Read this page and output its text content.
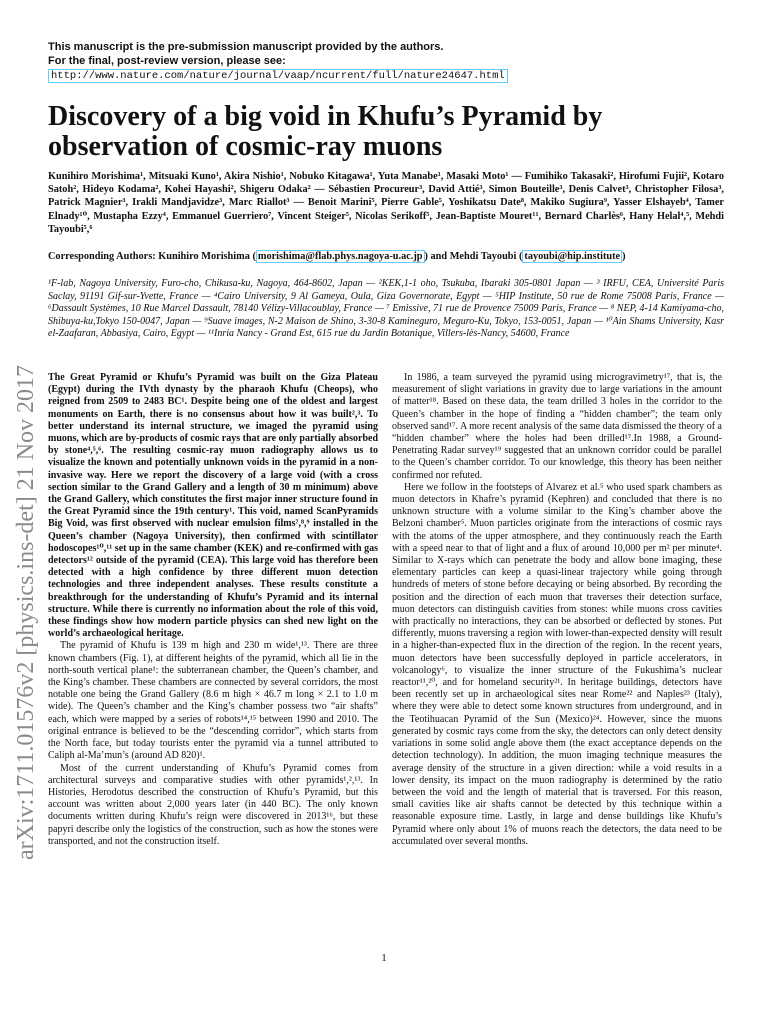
This manuscript is the pre-submission manuscript provided by the authors.
For the final, post-review version, please see:
http://www.nature.com/nature/journal/vaap/ncurrent/full/nature24647.html
Discovery of a big void in Khufu’s Pyramid by observation of cosmic-ray muons
Kunihiro Morishima¹, Mitsuaki Kuno¹, Akira Nishio¹, Nobuko Kitagawa¹, Yuta Manabe¹, Masaki Moto¹ — Fumihiko Takasaki², Hirofumi Fujii², Kotaro Satoh², Hideyo Kodama², Kohei Hayashi², Shigeru Odaka² — Sébastien Procureur³, David Attié³, Simon Bouteille³, Denis Calvet³, Christopher Filosa³, Patrick Magnier³, Irakli Mandjavidze³, Marc Riallot³ — Benoit Marini⁵, Pierre Gable⁵, Yoshikatsu Date⁸, Makiko Sugiura⁹, Yasser Elshayeb⁴, Tamer Elnady¹⁰, Mustapha Ezzy⁴, Emmanuel Guerriero⁷, Vincent Steiger⁵, Nicolas Serikoff⁵, Jean-Baptiste Mouret¹¹, Bernard Charlès⁶, Hany Helal⁴,⁵, Mehdi Tayoubi⁵,⁶
Corresponding Authors: Kunihiro Morishima ( morishima@flab.phys.nagoya-u.ac.jp ) and Mehdi Tayoubi ( tayoubi@hip.institute )
¹F-lab, Nagoya University, Furo-cho, Chikusa-ku, Nagoya, 464-8602, Japan — ²KEK,1-1 oho, Tsukuba, Ibaraki 305-0801 Japan — ³ IRFU, CEA, Université Paris Saclay, 91191 Gif-sur-Yvette, France — ⁴Cairo University, 9 Al Gameya, Oula, Giza Governorate, Egypt — ⁵HIP Institute, 50 rue de Rome 75008 Paris, France — ⁶Dassault Systèmes, 10 Rue Marcel Dassault, 78140 Vélizy-Villacoublay, France — ⁷ Emissive, 71 rue de Provence 75009 Paris, France — ⁸ NEP, 4-14 Kamiyama-cho, Shibuya-ku,Tokyo 150-0047, Japan — ⁹Suave images, N-2 Maison de Shino, 3-30-8 Kamineguro, Meguro-Ku, Tokyo, 153-0051, Japan — ¹⁰Ain Shams University, Kasr el-Zaafaran, Abbasiya, Cairo, Egypt — ¹¹Inria Nancy - Grand Est, 615 rue du Jardin Botanique, Villers-lès-Nancy, 54600, France
arXiv:1711.01576v2 [physics.ins-det] 21 Nov 2017 The Great Pyramid or Khufu’s Pyramid was built on the Giza Plateau (Egypt) during the IVth dynasty by the pharaoh Khufu (Cheops), who reigned from 2509 to 2483 BC¹. Despite being one of the oldest and largest monuments on Earth, there is no consensus about how it was built²,³. To better understand its internal structure, we imaged the pyramid using muons, which are by-products of cosmic rays that are only partially absorbed by stone⁴,⁵,⁶. The resulting cosmic-ray muon radiography allows us to visualize the known and potentially unknown voids in the pyramid in a non-invasive way. Here we report the discovery of a large void (with a cross section similar to the Grand Gallery and a length of 30 m minimum) above the Grand Gallery, which constitutes the first major inner structure found in the Great Pyramid since the 19th century¹. This void, named ScanPyramids Big Void, was first observed with nuclear emulsion films⁷,⁸,⁹ installed in the Queen’s chamber (Nagoya University), then confirmed with scintillator hodoscopes¹⁰,¹¹ set up in the same chamber (KEK) and re-confirmed with gas detectors¹² outside of the pyramid (CEA). This large void has therefore been detected with a high confidence by three different muon detection technologies and three independent analyses. These results constitute a breakthrough for the understanding of Khufu’s Pyramid and its internal structure. While there is currently no information about the role of this void, these findings show how modern particle physics can shed new light on the world’s archaeological heritage.

The pyramid of Khufu is 139 m high and 230 m wide¹,¹³. There are three known chambers (Fig. 1), at different heights of the pyramid, which all lie in the north-south vertical plane¹: the subterranean chamber, the Queen’s chamber, and the King’s chamber. These chambers are connected by several corridors, the most notable one being the Grand Gallery (8.6 m high × 46.7 m long × 2.1 to 1.0 m wide). The Queen’s chamber and the King’s chamber possess two “air shafts” each, which were mapped by a series of robots¹⁴,¹⁵ between 1990 and 2010. The original entrance is believed to be the “descending corridor”, which starts from the North face, but today tourists enter the pyramid via a tunnel attributed to Caliph al-Ma’mun’s (around AD 820)¹.

Most of the current understanding of Khufu’s Pyramid comes from architectural surveys and comparative studies with other pyramids¹,²,¹³. In Histories, Herodotus described the construction of Khufu’s Pyramid, but this account was written about 2,000 years later (in 440 BC). The only known documents written during Khufu’s reign were discovered in 2013¹⁶, but these papyri describe only the logistics of the construction, such as how the stones were transported, and not the construction itself.

In 1986, a team surveyed the pyramid using microgravimetry¹⁷, that is, the measurement of slight variations in gravity due to large variations in the amount of matter¹⁸. Based on these data, the team drilled 3 holes in the corridor to the Queen’s chamber in the hope of finding a “hidden chamber”; the team only observed sand¹⁷. A more recent analysis of the same data dismissed the theory of a “hidden chamber” where the holes had been drilled¹⁷.In 1988, a Ground-Penetrating Radar survey¹⁹ suggested that an unknown corridor could be parallel to the Queen’s chamber corridor. To our knowledge, this theory has been neither confirmed nor refuted.

Here we follow in the footsteps of Alvarez et al.⁵ who used spark chambers as muon detectors in Khafre’s pyramid (Kephren) and concluded that there is no unknown structure with a volume similar to the King’s chamber above the Belzoni chamber⁵. Muon particles originate from the interactions of cosmic rays with the atoms of the upper atmosphere, and they continuously reach the Earth with a speed near to that of light and a flux of around 10,000 per m² per minute⁴. Similar to X-rays which can penetrate the body and allow bone imaging, these elementary particles can keep a quasi-linear trajectory while going through hundreds of meters of stone before decaying or being absorbed. By recording the position and the direction of each muon that traverses their detection surface, muon detectors can distinguish cavities from stones: while muons cross cavities with practically no interactions, they can be absorbed or deflected by stones. Put differently, muons traversing a region with lower-than-expected density will result in a higher-than-expected flux in the direction of the region. In the recent years, muon detectors have been successfully deployed in particle accelerators, in volcanology⁶, to visualize the inner structure of the Fukushima’s nuclear reactor¹¹,²⁰, and for homeland security²¹. In heritage buildings, detectors have been recently set up in archaeological sites near Rome²² and Naples²³ (Italy), where they were able to detect some known structures from underground, and in the Teotihuacan Pyramid of the Sun (Mexico)²⁴. However, since the muons generated by cosmic rays come from the sky, the detectors can only detect density variations in some solid angle above them (the exact acceptance depends on the detection technology). In addition, the muon imaging technique measures the average density of the structure in a given direction: while a void results in a lower density, its impact on the muon radiography is determined by the ratio between the void and the length of material that is traversed. For this reason, small cavities like air shafts cannot be detected by this technique within a reasonable exposure time. Lastly, in large and dense buildings like Khufu’s Pyramid where only about 1% of muons reach the detectors, the data need to be accumulated over several months.

1
